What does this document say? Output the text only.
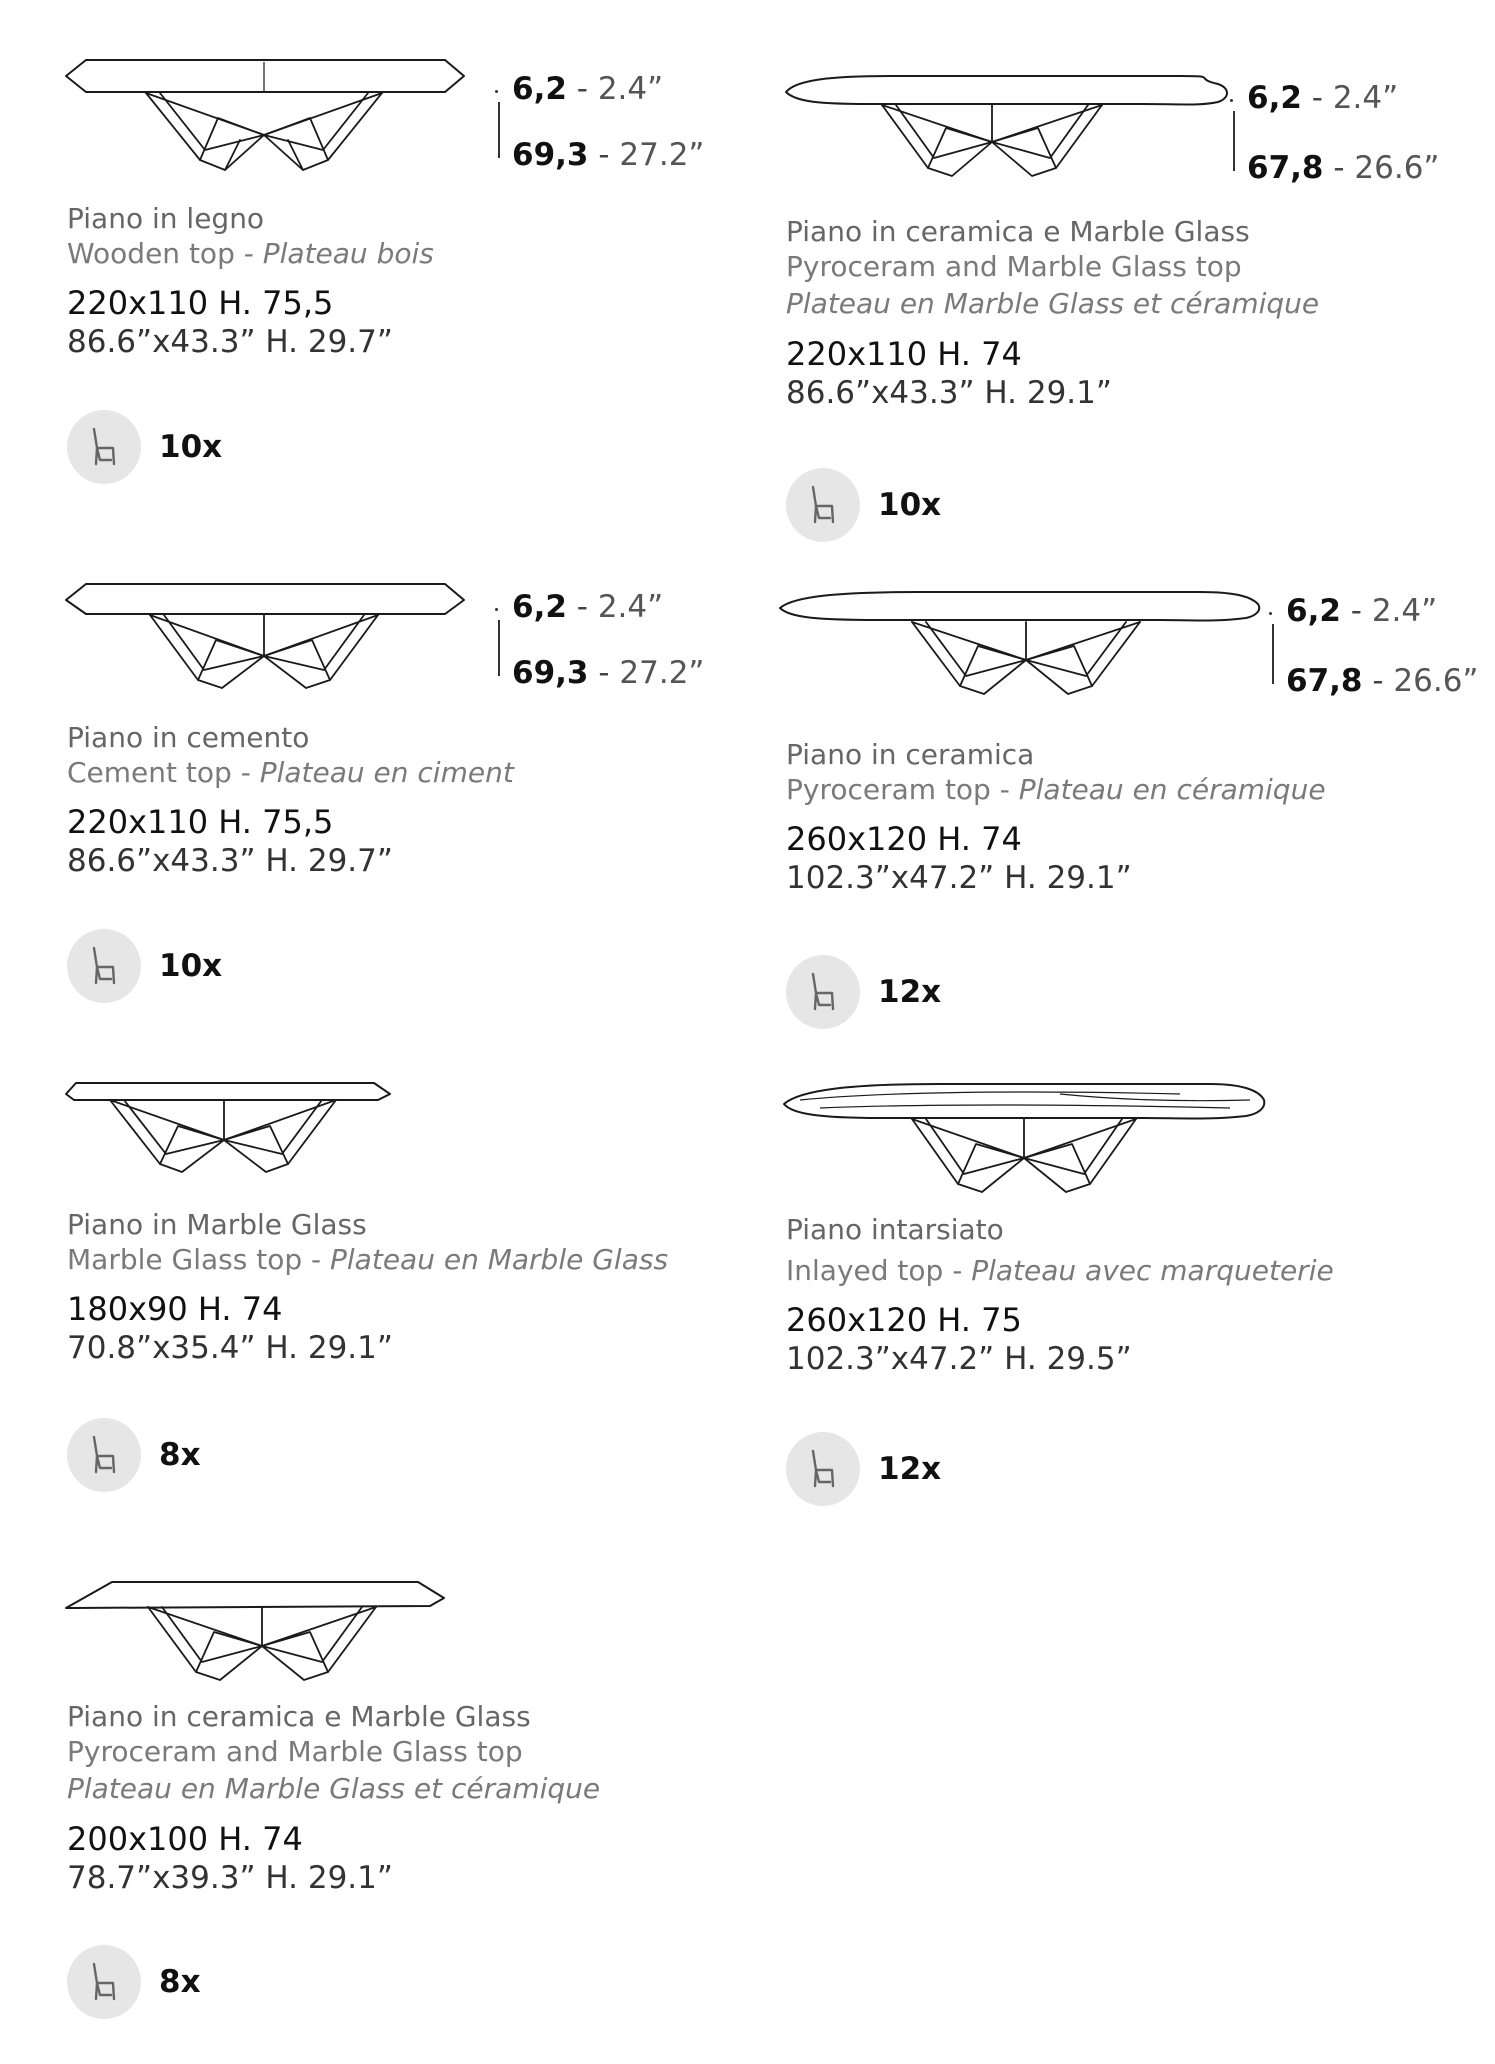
6,2 - 2.4”
69,3 - 27.2”
Piano in legno
Wooden top - Plateau bois
220x110 H. 75,5
86.6”x43.3” H. 29.7”
10x
6,2 - 2.4”
69,3 - 27.2”
Piano in cemento
Cement top - Plateau en ciment
220x110 H. 75,5
86.6”x43.3” H. 29.7”
10x
Piano in Marble Glass
Marble Glass top - Plateau en Marble Glass
180x90 H. 74
70.8”x35.4” H. 29.1”
8x
Piano in ceramica e Marble Glass
Pyroceram and Marble Glass top
Plateau en Marble Glass et céramique
200x100 H. 74
78.7”x39.3” H. 29.1”
8x
6,2 - 2.4”
67,8 - 26.6”
Piano in ceramica e Marble Glass
Pyroceram and Marble Glass top
Plateau en Marble Glass et céramique
220x110 H. 74
86.6”x43.3” H. 29.1”
10x
6,2 - 2.4”
67,8 - 26.6”
Piano in ceramica
Pyroceram top - Plateau en céramique
260x120 H. 74
102.3”x47.2” H. 29.1”
12x
Piano intarsiato
Inlayed top - Plateau avec marqueterie
260x120 H. 75
102.3”x47.2” H. 29.5”
12x
